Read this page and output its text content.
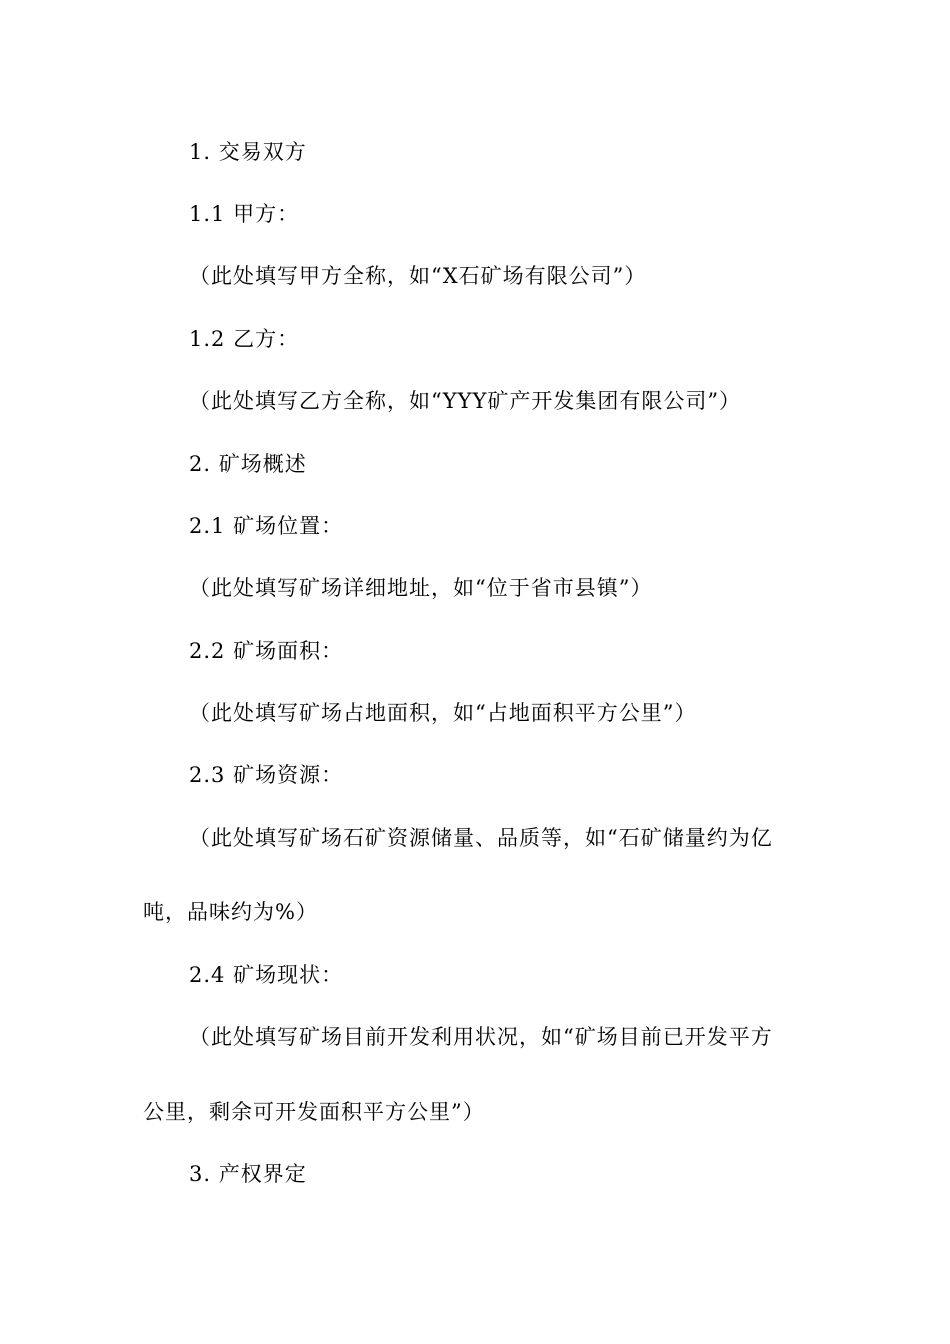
1. 交易双方
1.1 甲方：
（此处填写甲方全称，如“X石矿场有限公司”）
1.2 乙方：
（此处填写乙方全称，如“YYY矿产开发集团有限公司”）
2. 矿场概述
2.1 矿场位置：
（此处填写矿场详细地址，如“位于省市县镇”）
2.2 矿场面积：
（此处填写矿场占地面积，如“占地面积平方公里”）
2.3 矿场资源：
（此处填写矿场石矿资源储量、品质等，如“石矿储量约为亿
吨，品味约为%）
2.4 矿场现状：
（此处填写矿场目前开发利用状况，如“矿场目前已开发平方
公里，剩余可开发面积平方公里”）
3. 产权界定
